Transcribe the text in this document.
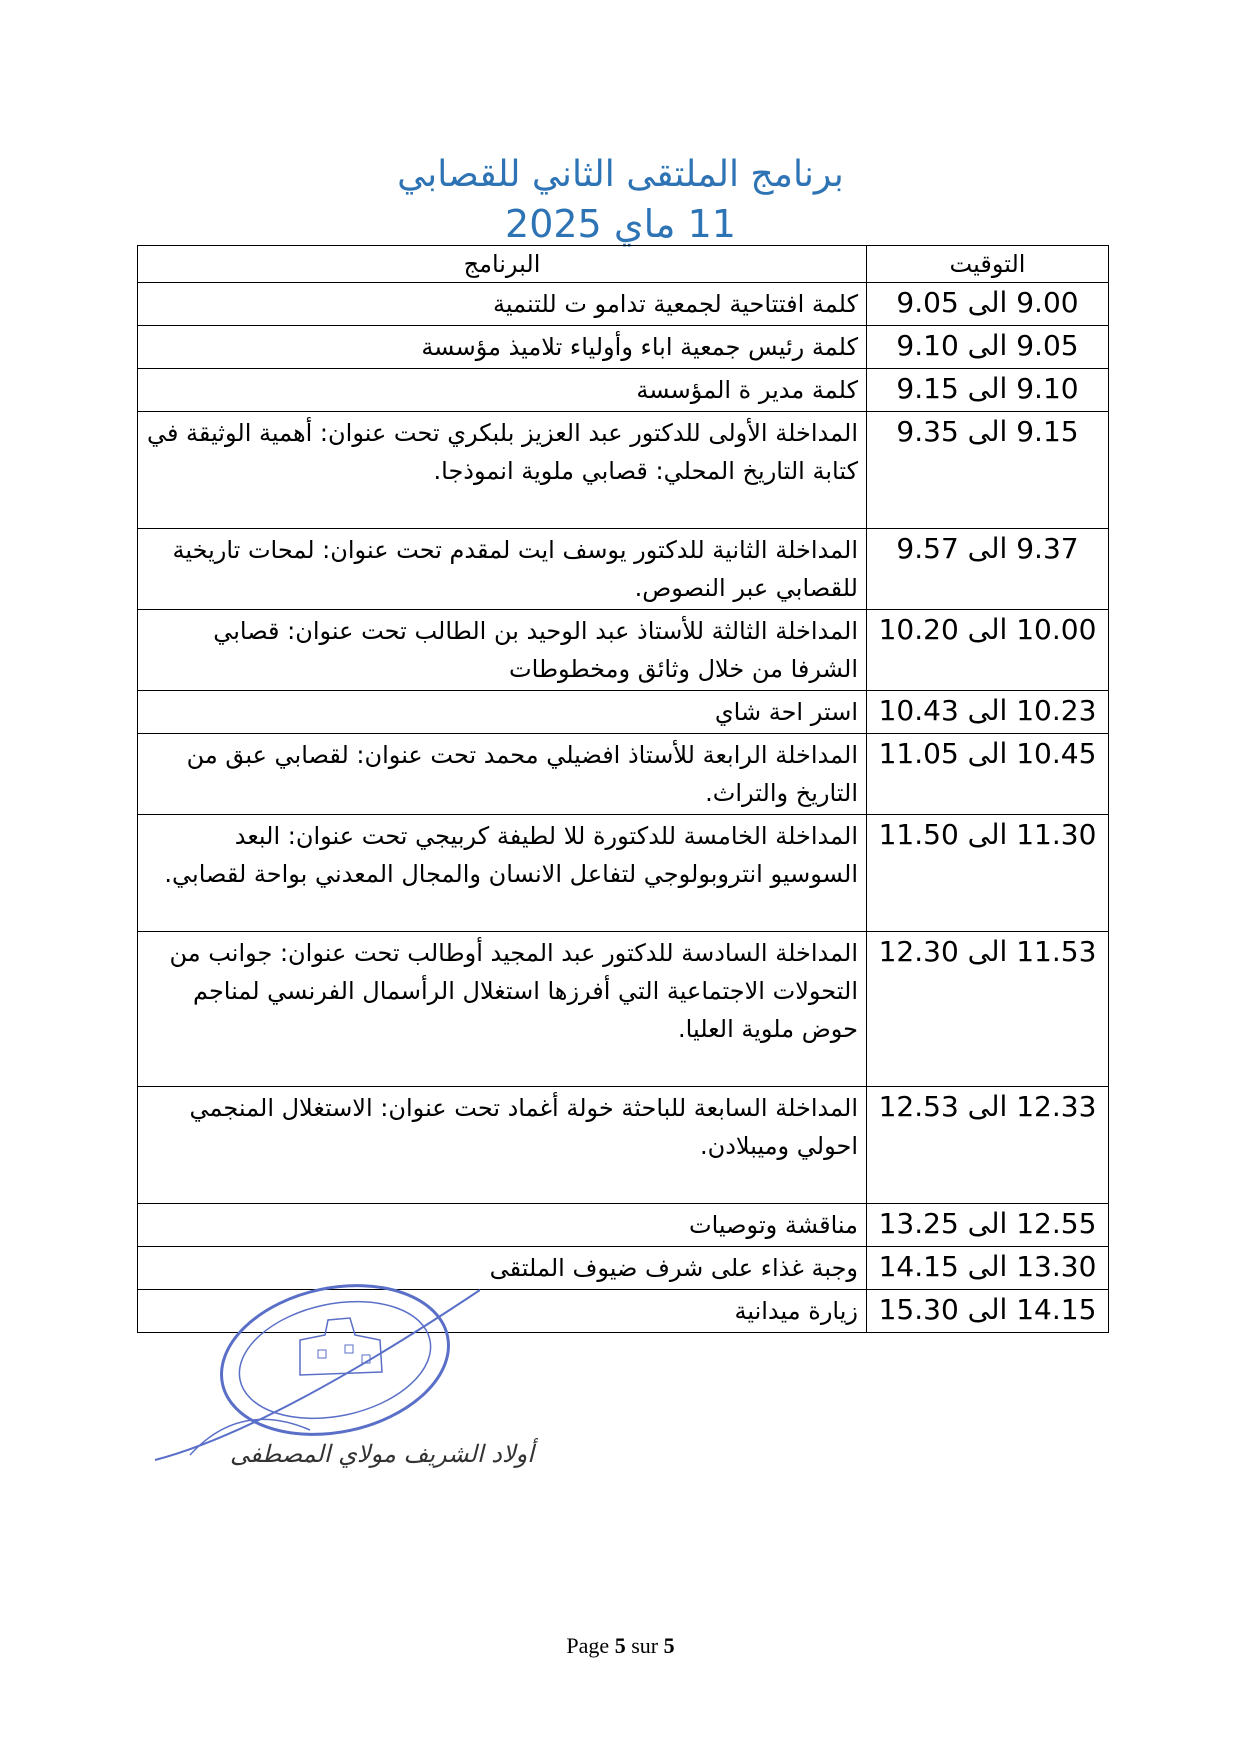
برنامج الملتقى الثاني للقصابي
11 ماي 2025
التوقيت	البرنامج
9.00 الى 9.05	كلمة افتتاحية لجمعية تدامو ت للتنمية
9.05 الى 9.10	كلمة رئيس جمعية اباء وأولياء تلاميذ مؤسسة
9.10 الى 9.15	كلمة مدير ة المؤسسة
9.15 الى 9.35	المداخلة الأولى للدكتور عبد العزيز بلبكري تحت عنوان: أهمية الوثيقة في كتابة التاريخ المحلي: قصابي ملوية انموذجا.
9.37 الى 9.57	المداخلة الثانية للدكتور يوسف ايت لمقدم تحت عنوان: لمحات تاريخية للقصابي عبر النصوص.
10.00 الى 10.20	المداخلة الثالثة للأستاذ عبد الوحيد بن الطالب تحت عنوان: قصابي الشرفا من خلال وثائق ومخطوطات
10.23 الى 10.43	استر احة شاي
10.45 الى 11.05	المداخلة الرابعة للأستاذ افضيلي محمد تحت عنوان: لقصابي عبق من التاريخ والتراث.
11.30 الى 11.50	المداخلة الخامسة للدكتورة للا لطيفة كربيجي تحت عنوان: البعد السوسيو انتروبولوجي لتفاعل الانسان والمجال المعدني بواحة لقصابي.
11.53 الى 12.30	المداخلة السادسة للدكتور عبد المجيد أوطالب تحت عنوان: جوانب من التحولات الاجتماعية التي أفرزها استغلال الرأسمال الفرنسي لمناجم حوض ملوية العليا.
12.33 الى 12.53	المداخلة السابعة للباحثة خولة أغماد تحت عنوان: الاستغلال المنجمي احولي وميبلادن.
12.55 الى 13.25	مناقشة وتوصيات
13.30 الى 14.15	وجبة غذاء على شرف ضيوف الملتقى
14.15 الى 15.30	زيارة ميدانية
أولاد الشريف مولاي المصطفى
Page 5 sur 5
